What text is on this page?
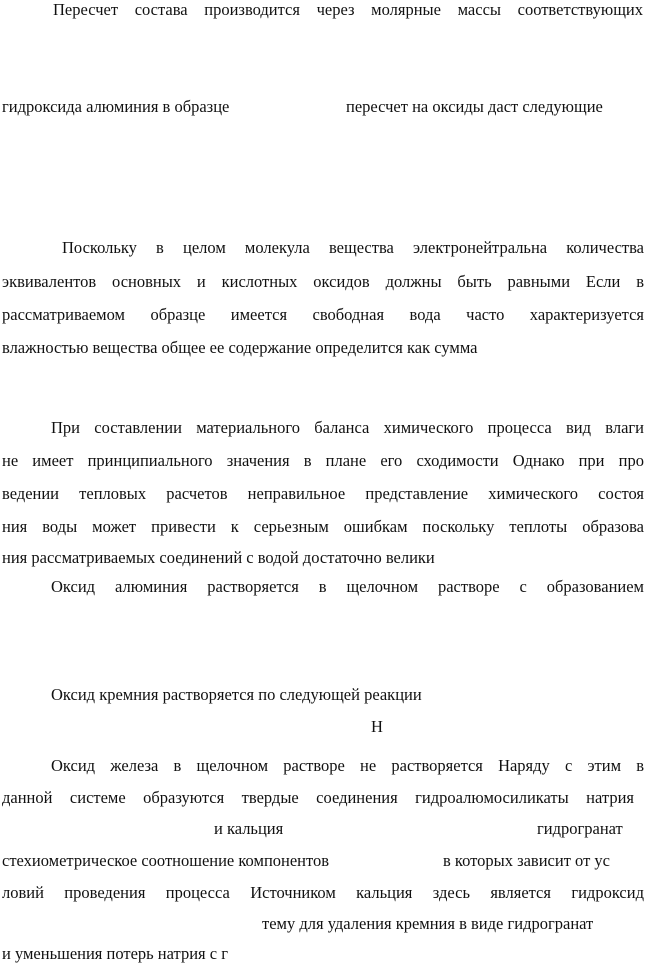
Пересчет состава производится через молярные массы соответствующих
гидроксида алюминия в образце	пересчет на оксиды даст следующие
Поскольку в целом молекула вещества электронейтральна количества
эквивалентов основных и кислотных оксидов должны быть равными Если в
рассматриваемом образце имеется свободная вода часто характеризуется
влажностью вещества общее ее содержание определится как сумма
При составлении материального баланса химического процесса вид влаги
не имеет принципиального значения в плане его сходимости Однако при про
ведении тепловых расчетов неправильное представление химического состоя
ния воды может привести к серьезным ошибкам поскольку теплоты образова
ния рассматриваемых соединений с водой достаточно велики
Оксид алюминия растворяется в щелочном растворе с образованием
Оксид кремния растворяется по следующей реакции
Н
Оксид железа в щелочном растворе не растворяется Наряду с этим в
данной системе образуются твердые соединения гидроалюмосиликаты натрия
и кальция	гидрогранат
стехиометрическое соотношение компонентов	в которых зависит от ус
ловий проведения процесса Источником кальция здесь является гидроксид
тему для удаления кремния в виде гидрогранат
и уменьшения потерь натрия с г
